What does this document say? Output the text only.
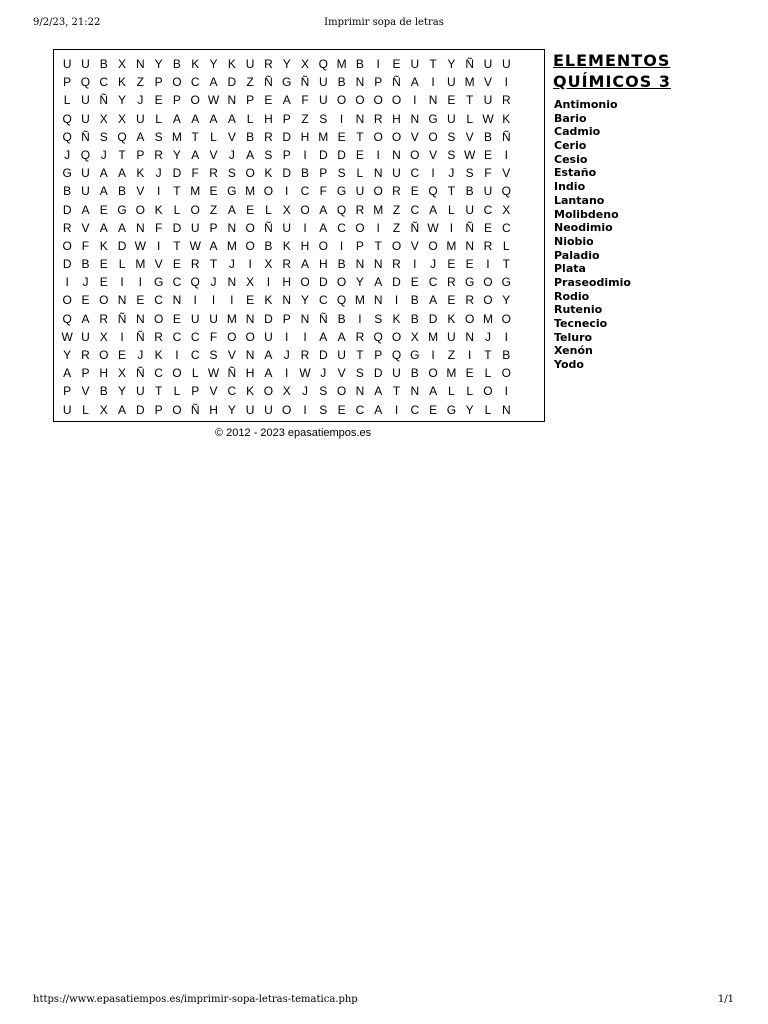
9/2/23, 21:22	Imprimir sopa de letras
U U B X N Y B K Y K U R Y X Q M B	I	E U T Y Ñ U U
P Q C K Z P O C A D Z Ñ G Ñ U B N P Ñ A	I	U M V	I
L U Ñ Y J E P O W N P E A F U O O O O I	N E T U R
Q U X X U L A A A A L H P Z S	I	N R H N G U L W K
Q Ñ S Q A S M T L V B R D H M E T O O V O S V B Ñ
J Q J T P R Y A V J A S P	I	D D E	I	N O V S W E	I
G U A A K J D F R S O K D B P S L N U C	I	J S F V
B U A B V	I	T M E G M O I	C F G U O R E Q T B U Q
D A E G O K L O Z A E L X O A Q R M Z C A L U C X
R V A A N F D U P N O Ñ U	I	A C O I	Z Ñ W I	Ñ E C
O F K D W I	T W A M O B K H O I	P T O V O M N R L
D B E L M V E R T J	I	X R A H B N N R	I	J E E	I	T
I	J E	I	I G C Q J N X	I	H O D O Y A D E C R G O G
O E O N E C N	I	I	I	E K N Y C Q M N	I	B A E R O Y
Q A R Ñ N O E U U M N D P N Ñ B	I	S K B D K O M O
W U X	I	Ñ R C C F O O U	I	I	A A R Q O X M U N J	I
Y R O E J K	I	C S V N A J R D U T P Q G I	Z	I	T B
A P H X Ñ C O L W Ñ H A	I W J V S D U B O M E L O
P V B Y U T L P V C K O X J S O N A T N A L L O I
U L X A D P O Ñ H Y U U O I	S E C A	I	C E G Y L N
© 2012 - 2023 epasatiempos.es
ELEMENTOS
QUÍMICOS 3
Antimonio
Bario
Cadmio
Cerio
Cesio
Estaño
Indio
Lantano
Molibdeno
Neodimio
Niobio
Paladio
Plata
Praseodimio
Rodio
Rutenio
Tecnecio
Teluro
Xenón
Yodo
https://www.epasatiempos.es/imprimir-sopa-letras-tematica.php	1/1
